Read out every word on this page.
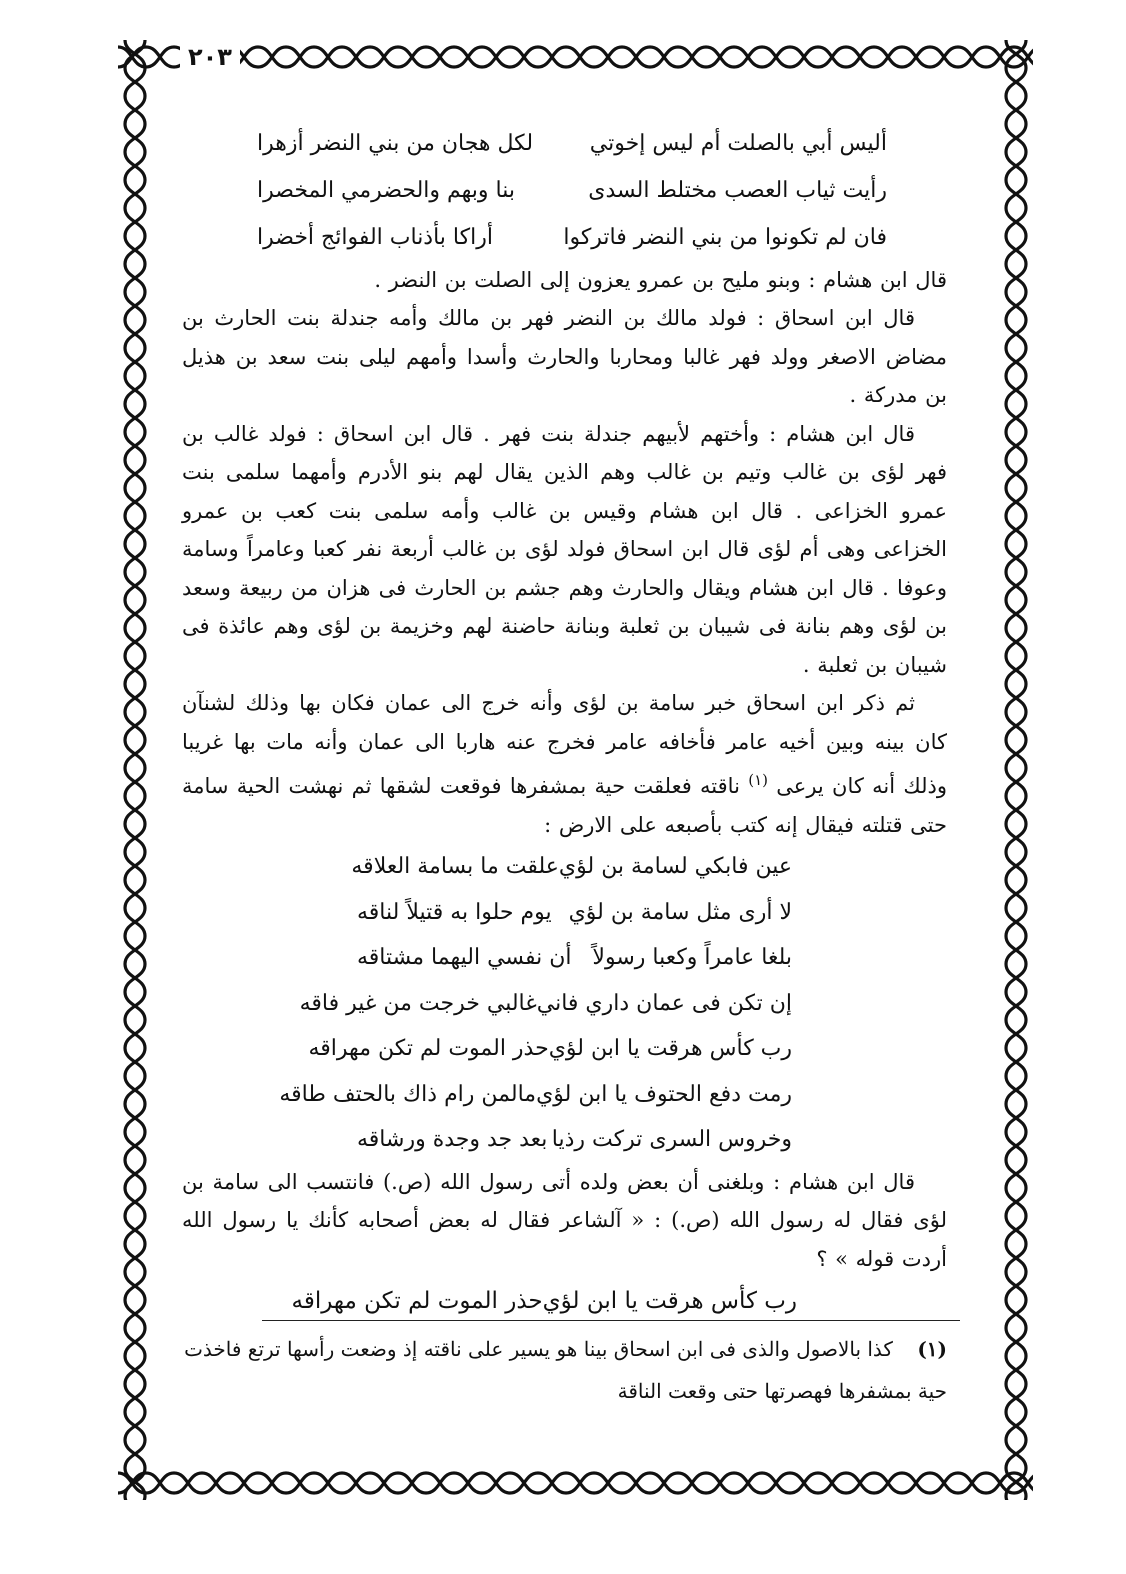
٢٠٣
أليس أبي بالصلت أم ليس إخوتي
لكل هجان من بني النضر أزهرا
رأيت ثياب العصب مختلط السدى
بنا وبهم والحضرمي المخصرا
فان لم تكونوا من بني النضر فاتركوا
أراكا بأذناب الفوائج أخضرا

قال ابن هشام : وبنو مليح بن عمرو يعزون إلى الصلت بن النضر .

قال ابن اسحاق : فولد مالك بن النضر فهر بن مالك وأمه جندلة بنت الحارث بن مضاض الاصغر وولد فهر غالبا ومحاربا والحارث وأسدا وأمهم ليلى بنت سعد بن هذيل بن مدركة .

قال ابن هشام : وأختهم لأبيهم جندلة بنت فهر . قال ابن اسحاق : فولد غالب بن فهر لؤى بن غالب وتيم بن غالب وهم الذين يقال لهم بنو الأدرم وأمهما سلمى بنت عمرو الخزاعى . قال ابن هشام وقيس بن غالب وأمه سلمى بنت كعب بن عمرو الخزاعى وهى أم لؤى قال ابن اسحاق فولد لؤى بن غالب أربعة نفر كعبا وعامراً وسامة وعوفا . قال ابن هشام ويقال والحارث وهم جشم بن الحارث فى هزان من ربيعة وسعد بن لؤى وهم بنانة فى شيبان بن ثعلبة وبنانة حاضنة لهم وخزيمة بن لؤى وهم عائذة فى شيبان بن ثعلبة .

ثم ذكر ابن اسحاق خبر سامة بن لؤى وأنه خرج الى عمان فكان بها وذلك لشنآن كان بينه وبين أخيه عامر فأخافه عامر فخرج عنه هاربا الى عمان وأنه مات بها غريبا وذلك أنه كان يرعى $^{(١)}$ ناقته فعلقت حية بمشفرها فوقعت لشقها ثم نهشت الحية سامة حتى قتلته فيقال إنه كتب بأصبعه على الارض :

عين فابكي لسامة بن لؤي
علقت ما بسامة العلاقه
لا أرى مثل سامة بن لؤي
يوم حلوا به قتيلاً لناقه
بلغا عامراً وكعبا رسولاً
أن نفسي اليهما مشتاقه
إن تكن فى عمان داري فاني
غالبي خرجت من غير فاقه
رب كأس هرقت يا ابن لؤي
حذر الموت لم تكن مهراقه
رمت دفع الحتوف يا ابن لؤي
مالمن رام ذاك بالحتف طاقه
وخروس السرى تركت رذيا
بعد جد وجدة ورشاقه

قال ابن هشام : وبلغنى أن بعض ولده أتى رسول الله (ص.) فانتسب الى سامة بن لؤى فقال له رسول الله (ص.) : « آلشاعر فقال له بعض أصحابه كأنك يا رسول الله أردت قوله » ؟

رب كأس هرقت يا ابن لؤي
حذر الموت لم تكن مهراقه

(١) كذا بالاصول والذى فى ابن اسحاق بينا هو يسير على ناقته إذ وضعت رأسها ترتع فاخذت حية بمشفرها فهصرتها حتى وقعت الناقة
